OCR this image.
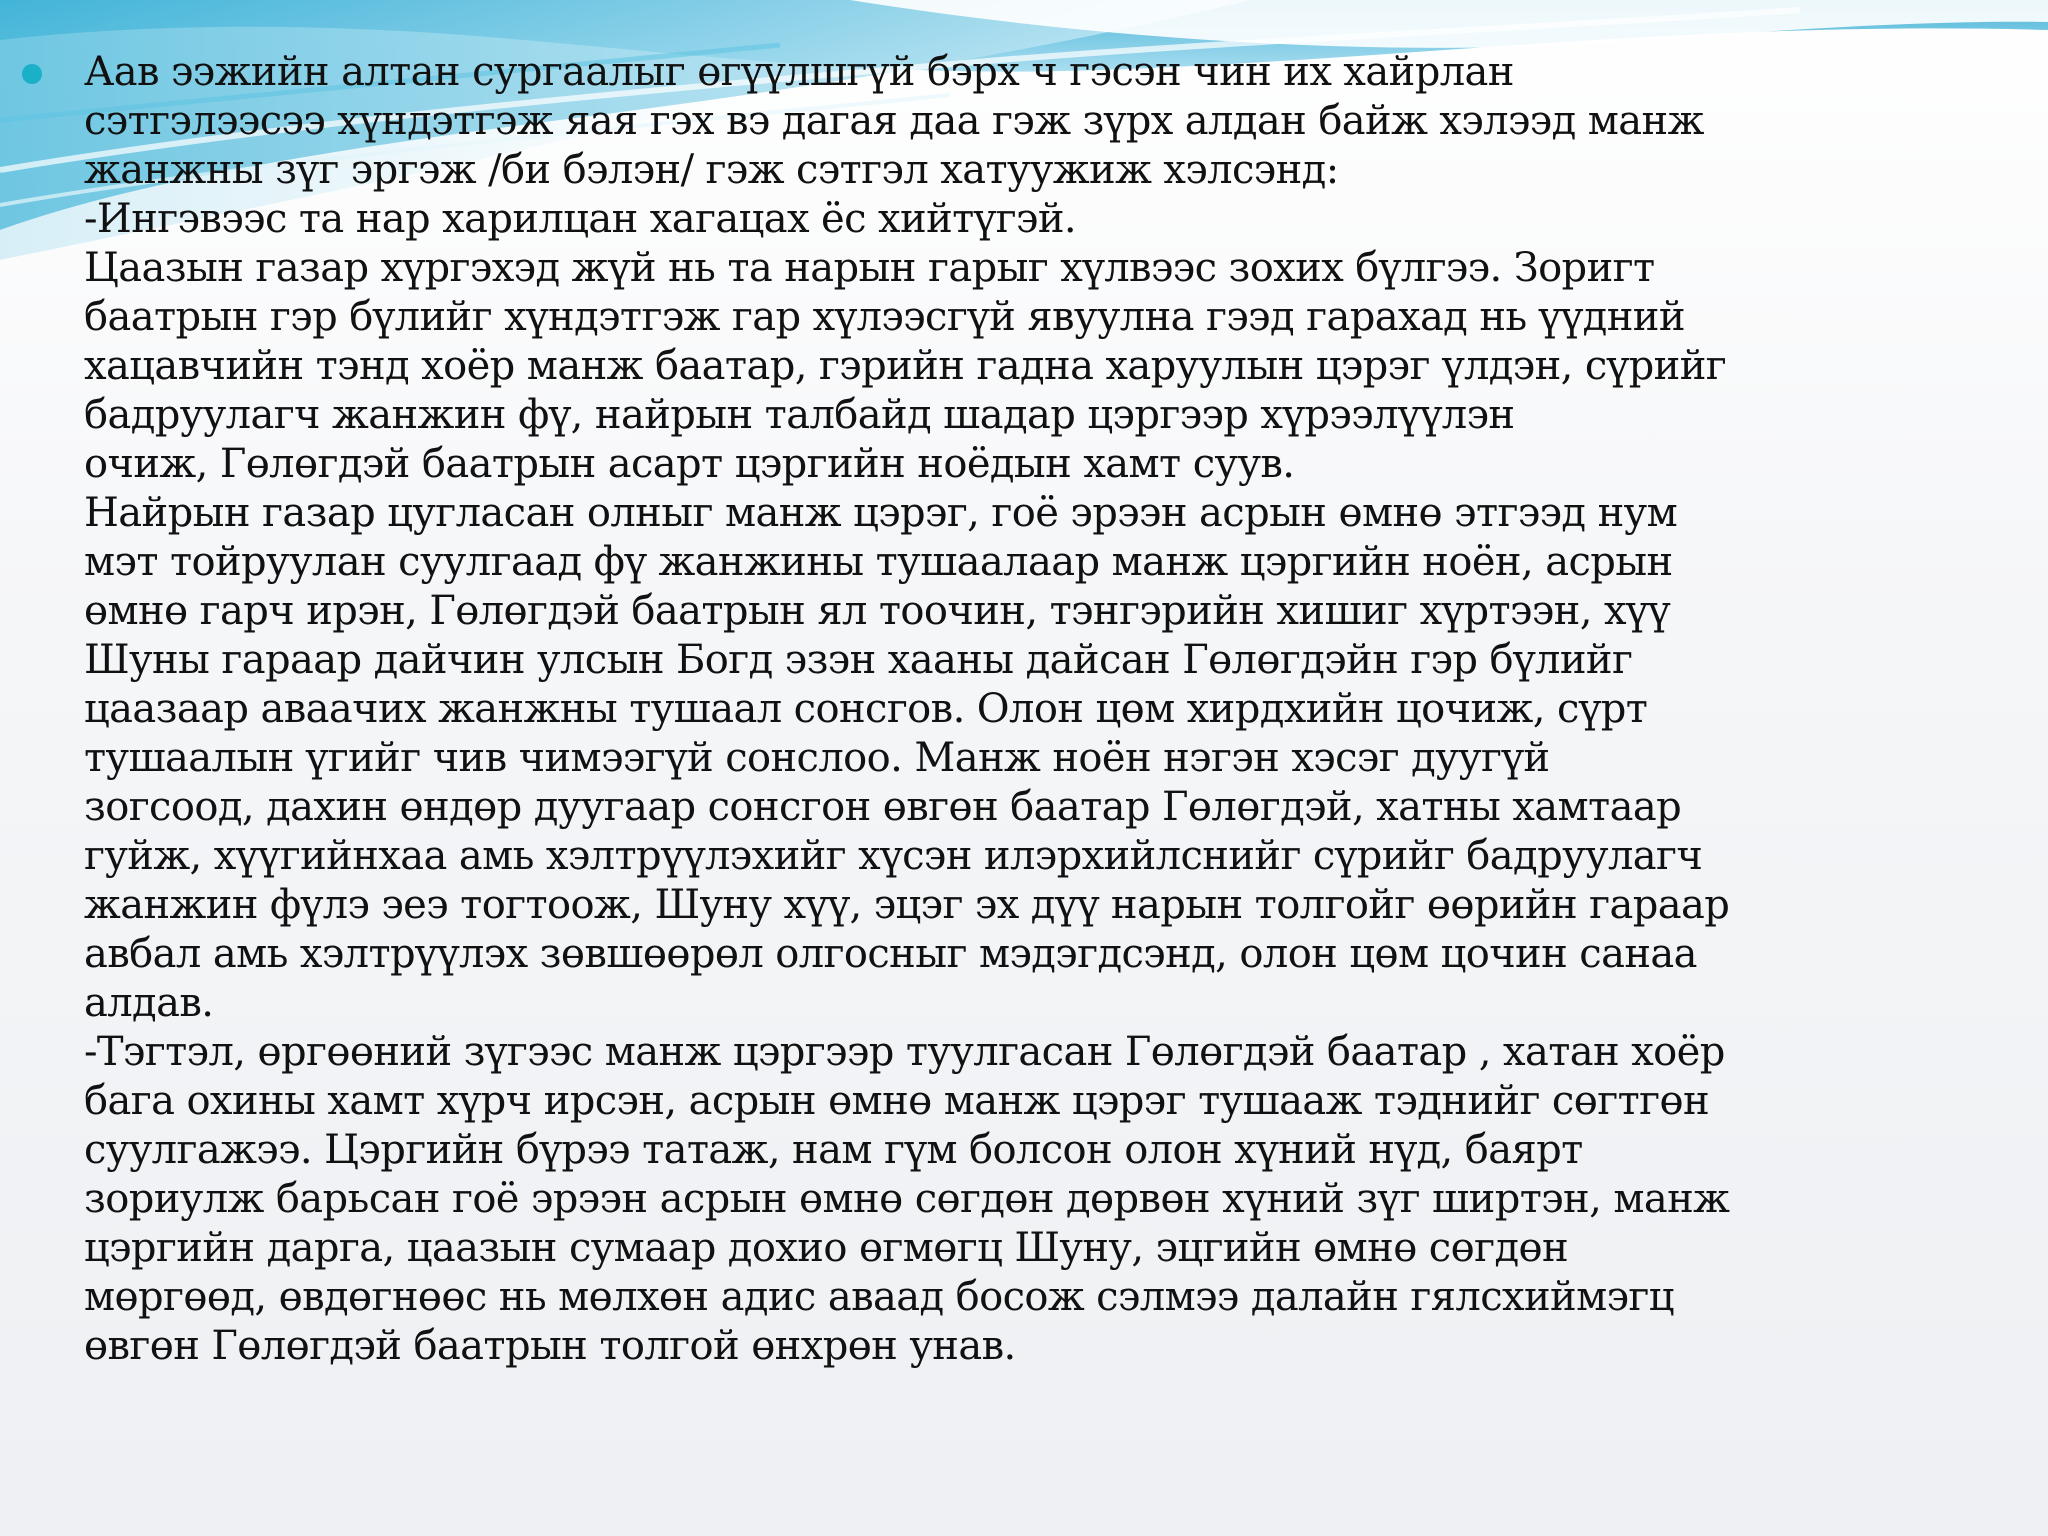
Аав ээжийн алтан сургаалыг өгүүлшгүй бэрх ч гэсэн чин их хайрлан
сэтгэлээсээ хүндэтгэж яая гэх вэ дагая даа гэж зүрх алдан байж хэлээд манж
жанжны зүг эргэж /би бэлэн/ гэж сэтгэл хатуужиж хэлсэнд:
-Ингэвээс та нар харилцан хагацах ёс хийтүгэй.
Цаазын газар хүргэхэд жүй нь та нарын гарыг хүлвээс зохих бүлгээ. Зоригт
баатрын гэр бүлийг хүндэтгэж гар хүлээсгүй явуулна гээд гарахад нь үүдний
хацавчийн тэнд хоёр манж баатар, гэрийн гадна харуулын цэрэг үлдэн, сүрийг
бадруулагч жанжин фү, найрын талбайд шадар цэргээр хүрээлүүлэн
очиж, Гөлөгдэй баатрын асарт цэргийн ноёдын хамт суув.
Найрын газар цугласан олныг манж цэрэг, гоё эрээн асрын өмнө этгээд нум
мэт тойруулан суулгаад фү жанжины тушаалаар манж цэргийн ноён, асрын
өмнө гарч ирэн, Гөлөгдэй баатрын ял тоочин, тэнгэрийн хишиг хүртээн, хүү
Шуны гараар дайчин улсын Богд эзэн хааны дайсан Гөлөгдэйн гэр бүлийг
цаазаар аваачих жанжны тушаал сонсгов. Олон цөм хирдхийн цочиж, сүрт
тушаалын үгийг чив чимээгүй сонслоо. Манж ноён нэгэн хэсэг дуугүй
зогсоод, дахин өндөр дуугаар сонсгон өвгөн баатар Гөлөгдэй, хатны хамтаар
гуйж, хүүгийнхаа амь хэлтрүүлэхийг хүсэн илэрхийлснийг сүрийг бадруулагч
жанжин фүлэ эеэ тогтоож, Шуну хүү, эцэг эх дүү нарын толгойг өөрийн гараар
авбал амь хэлтрүүлэх зөвшөөрөл олгосныг мэдэгдсэнд, олон цөм цочин санаа
алдав.
-Тэгтэл, өргөөний зүгээс манж цэргээр туулгасан Гөлөгдэй баатар , хатан хоёр
бага охины хамт хүрч ирсэн, асрын өмнө манж цэрэг тушааж тэднийг сөгтгөн
суулгажээ. Цэргийн бүрээ татаж, нам гүм болсон олон хүний нүд, баярт
зориулж барьсан гоё эрээн асрын өмнө сөгдөн дөрвөн хүний зүг ширтэн, манж
цэргийн дарга, цаазын сумаар дохио өгмөгц Шуну, эцгийн өмнө сөгдөн
мөргөөд, өвдөгнөөс нь мөлхөн адис аваад босож сэлмээ далайн гялсхиймэгц
өвгөн Гөлөгдэй баатрын толгой өнхрөн унав.
